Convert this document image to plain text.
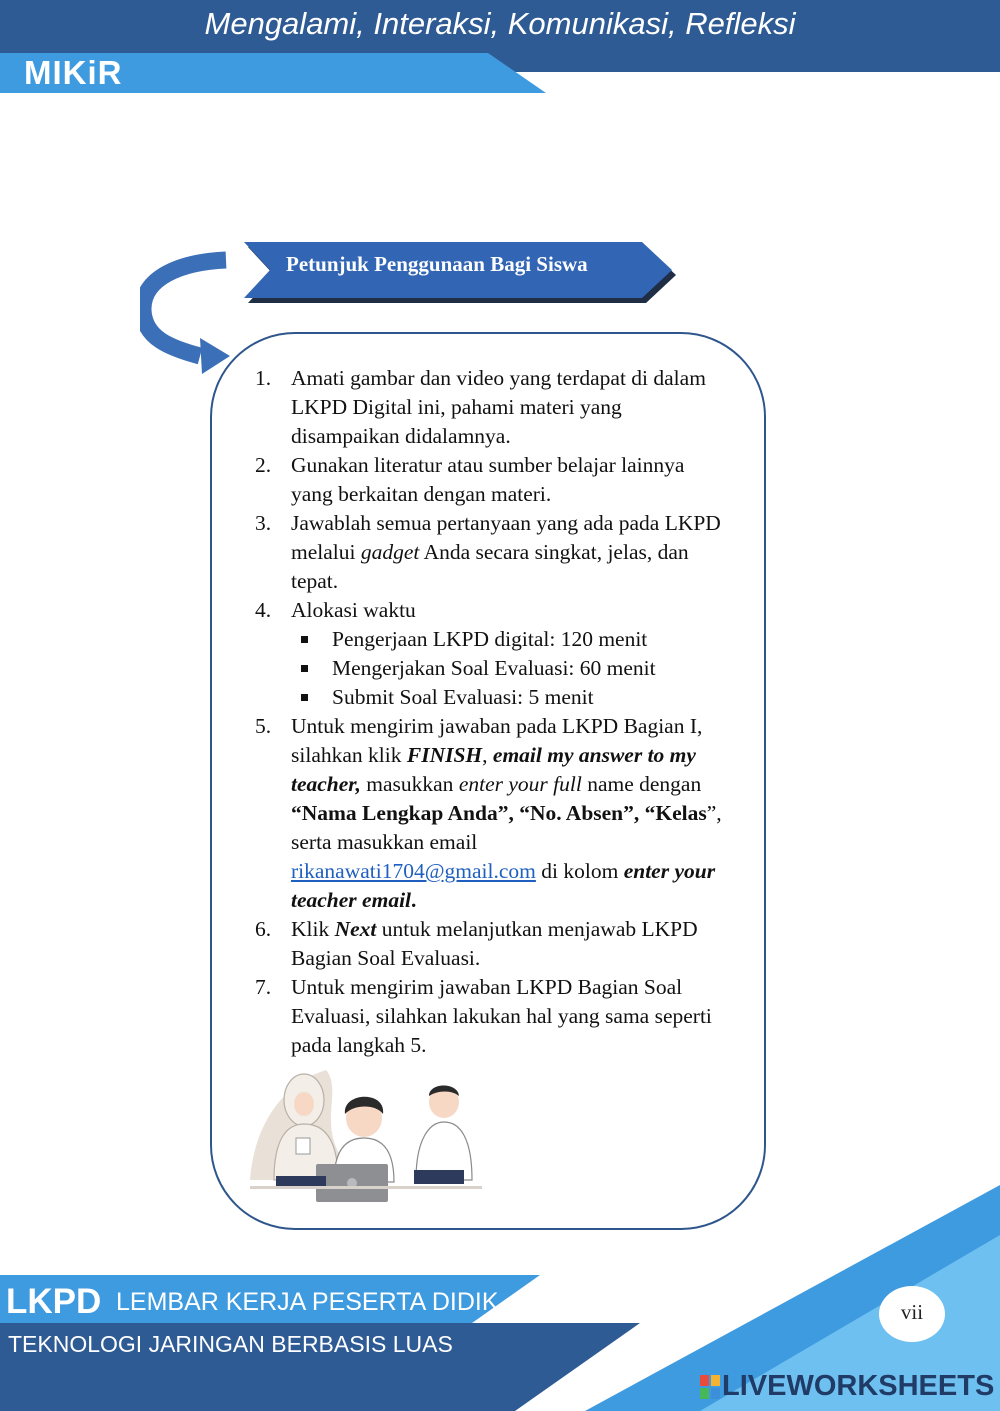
Mengalami, Interaksi, Komunikasi, Refleksi
MIKiR
Petunjuk Penggunaan Bagi Siswa
1. Amati gambar dan video yang terdapat di dalam LKPD Digital ini, pahami materi yang disampaikan didalamnya.
2. Gunakan literatur atau sumber belajar lainnya yang berkaitan dengan materi.
3. Jawablah semua pertanyaan yang ada pada LKPD melalui gadget Anda secara singkat, jelas, dan tepat.
4. Alokasi waktu
Pengerjaan LKPD digital: 120 menit
Mengerjakan Soal Evaluasi: 60 menit
Submit Soal Evaluasi: 5 menit
5. Untuk mengirim jawaban pada LKPD Bagian I, silahkan klik FINISH, email my answer to my teacher, masukkan enter your full name dengan “Nama Lengkap Anda”, “No. Absen”, “Kelas”, serta masukkan email rikanawati1704@gmail.com di kolom enter your teacher email.
6. Klik Next untuk melanjutkan menjawab LKPD Bagian Soal Evaluasi.
7. Untuk mengirim jawaban LKPD Bagian Soal Evaluasi, silahkan lakukan hal yang sama seperti pada langkah 5.
LKPD LEMBAR KERJA PESERTA DIDIK
TEKNOLOGI JARINGAN BERBASIS LUAS
vii
LIVEWORKSHEETS
